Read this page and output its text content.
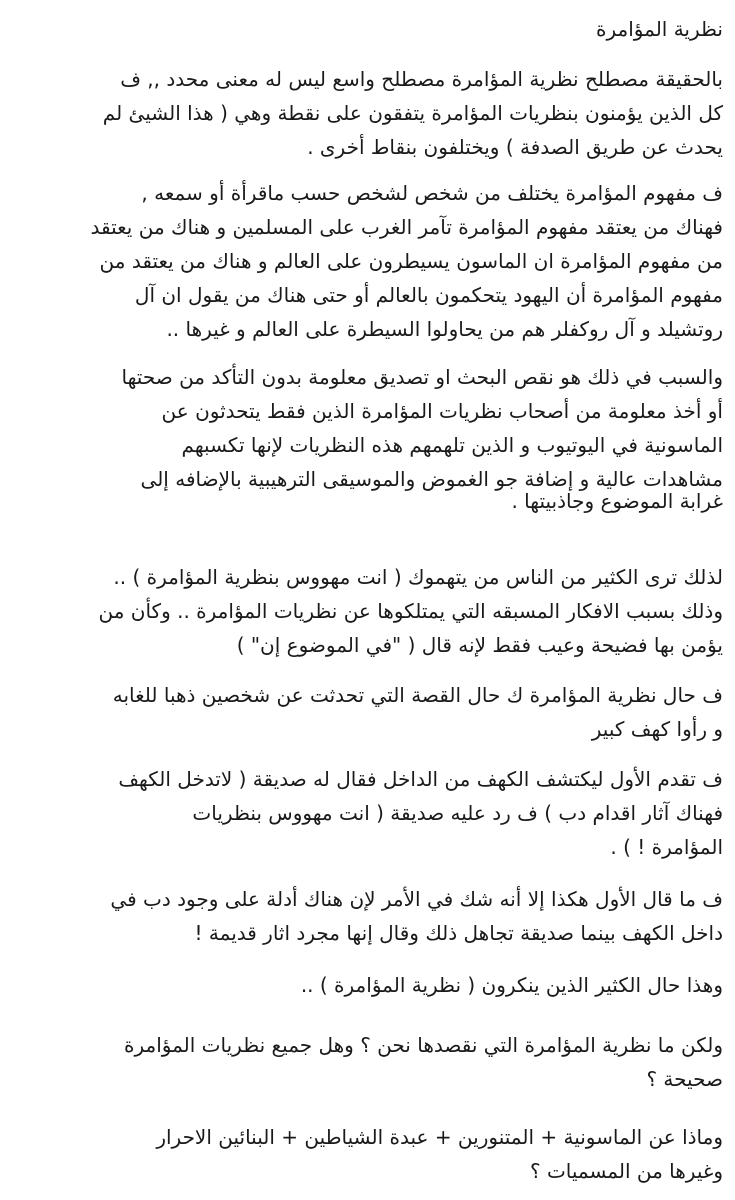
نظرية المؤامرة
بالحقيقة مصطلح نظرية المؤامرة مصطلح واسع ليس له معنى محدد ,, ف
كل الذين يؤمنون بنظريات المؤامرة يتفقون على نقطة وهي ( هذا الشيئ لم
يحدث عن طريق الصدفة ) ويختلفون بنقاط أخرى .
ف مفهوم المؤامرة يختلف من شخص لشخص حسب ماقرأة أو سمعه ,
فهناك من يعتقد مفهوم المؤامرة تآمر الغرب على المسلمين و هناك من يعتقد
من مفهوم المؤامرة ان الماسون يسيطرون على العالم و هناك من يعتقد من
مفهوم المؤامرة أن اليهود يتحكمون بالعالم أو حتى هناك من يقول ان آل
روتشيلد و آل روكفلر هم من يحاولوا السيطرة على العالم و غيرها ..
والسبب في ذلك هو نقص البحث او تصديق معلومة بدون التأكد من صحتها
أو أخذ معلومة من أصحاب نظريات المؤامرة الذين فقط يتحدثون عن
الماسونية في اليوتيوب و الذين تلهمهم هذه النظريات لإنها تكسبهم
مشاهدات عالية و إضافة جو الغموض والموسيقى الترهيبية بالإضافه إلى
غرابة الموضوع وجاذبيتها .
لذلك ترى الكثير من الناس من يتهموك ( انت مهووس بنظرية المؤامرة ) ..
وذلك بسبب الافكار المسبقه التي يمتلكوها عن نظريات المؤامرة .. وكأن من
يؤمن بها فضيحة وعيب فقط لإنه قال ( "في الموضوع إن" )
ف حال نظرية المؤامرة ك حال القصة التي تحدثت عن شخصين ذهبا للغابه
و رأوا كهف كبير
ف تقدم الأول ليكتشف الكهف من الداخل فقال له صديقة ( لاتدخل الكهف
فهناك آثار اقدام دب ) ف رد عليه صديقة ( انت مهووس بنظريات
المؤامرة ! ) .
ف ما قال الأول هكذا إلا أنه شك في الأمر لإن هناك أدلة على وجود دب في
داخل الكهف بينما صديقة تجاهل ذلك وقال إنها مجرد اثار قديمة !
وهذا حال الكثير الذين ينكرون ( نظرية المؤامرة ) ..
ولكن ما نظرية المؤامرة التي نقصدها نحن ؟ وهل جميع نظريات المؤامرة
صحيحة ؟
وماذا عن الماسونية + المتنورين + عبدة الشياطين + البنائين الاحرار
وغيرها من المسميات ؟
